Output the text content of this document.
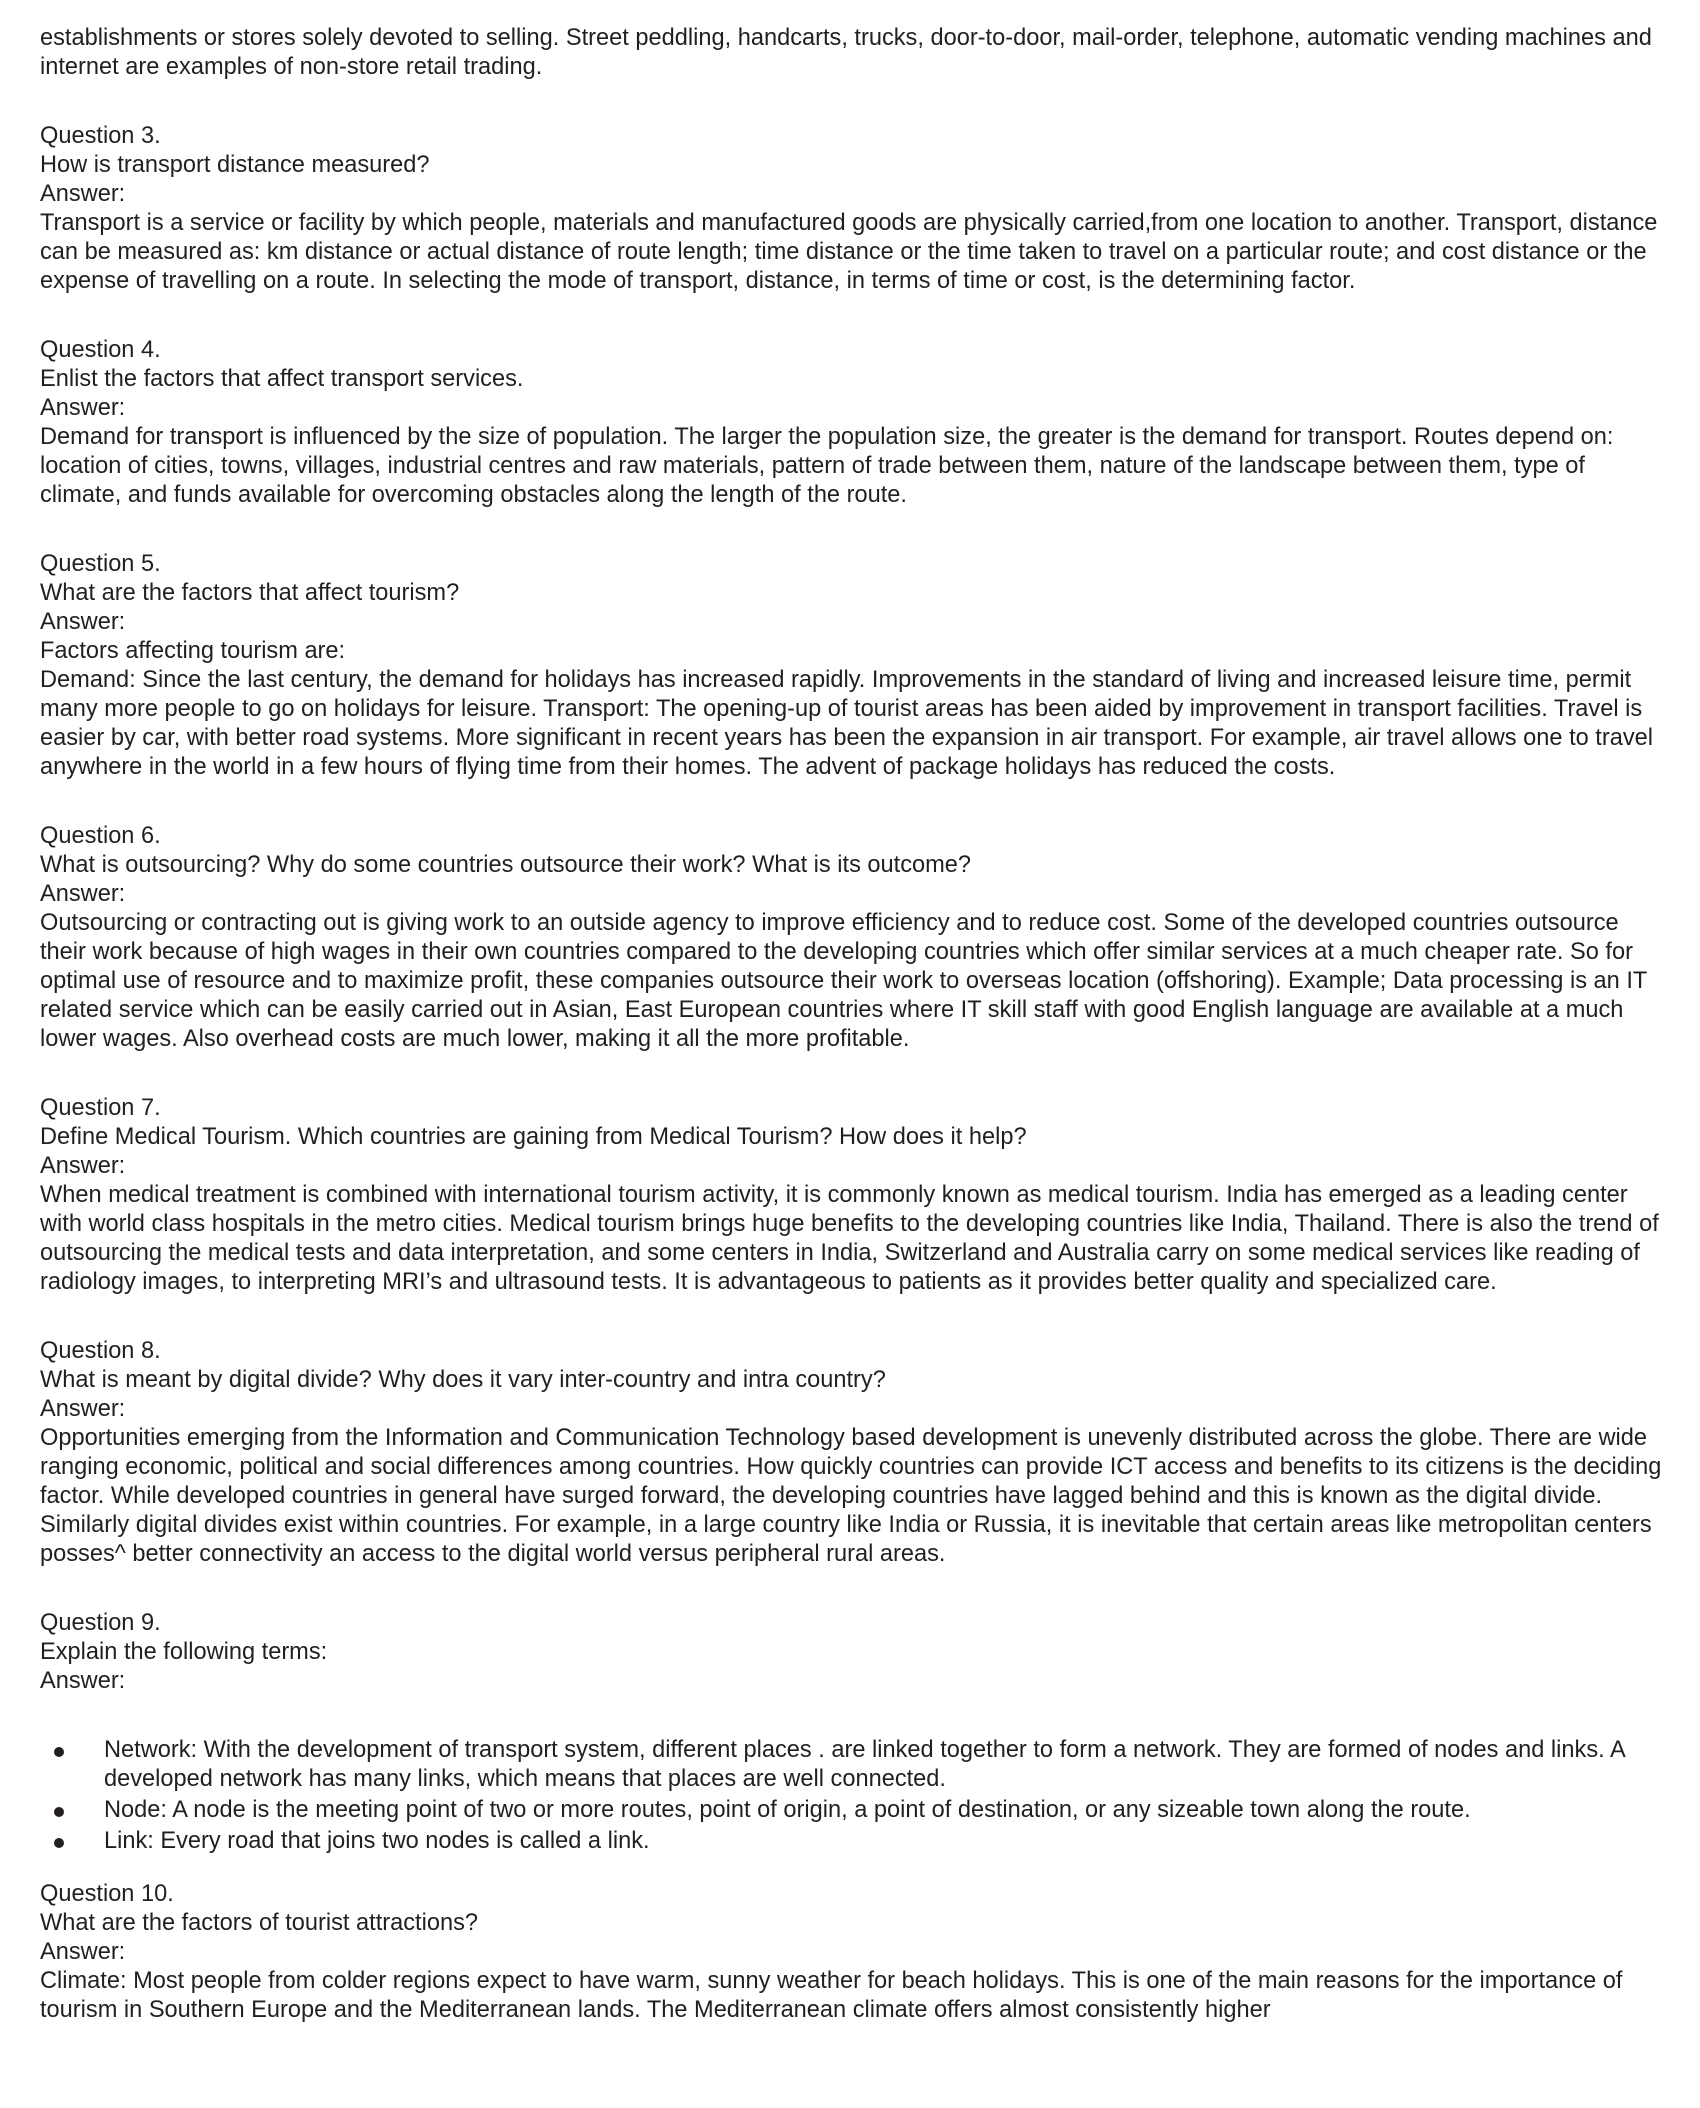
establishments or stores solely devoted to selling. Street peddling, handcarts, trucks, door-to-door, mail-order, telephone, automatic vending machines and internet are examples of non-store retail trading.

Question 3.
How is transport distance measured?
Answer:
Transport is a service or facility by which people, materials and manufactured goods are physically carried,from one location to another. Transport, distance can be measured as: km distance or actual distance of route length; time distance or the time taken to travel on a particular route; and cost distance or the expense of travelling on a route. In selecting the mode of transport, distance, in terms of time or cost, is the determining factor.
Question 4.
Enlist the factors that affect transport services.
Answer:
Demand for transport is influenced by the size of population. The larger the population size, the greater is the demand for transport. Routes depend on: location of cities, towns, villages, industrial centres and raw materials, pattern of trade between them, nature of the landscape between them, type of climate, and funds available for overcoming obstacles along the length of the route.
Question 5.
What are the factors that affect tourism?
Answer:
Factors affecting tourism are:
Demand: Since the last century, the demand for holidays has increased rapidly. Improvements in the standard of living and increased leisure time, permit many more people to go on holidays for leisure. Transport: The opening-up of tourist areas has been aided by improvement in transport facilities. Travel is easier by car, with better road systems. More significant in recent years has been the expansion in air transport. For example, air travel allows one to travel anywhere in the world in a few hours of flying time from their homes. The advent of package holidays has reduced the costs.
Question 6.
What is outsourcing? Why do some countries outsource their work? What is its outcome?
Answer:
Outsourcing or contracting out is giving work to an outside agency to improve efficiency and to reduce cost. Some of the developed countries outsource their work because of high wages in their own countries compared to the developing countries which offer similar services at a much cheaper rate. So for optimal use of resource and to maximize profit, these companies outsource their work to overseas location (offshoring). Example; Data processing is an IT related service which can be easily carried out in Asian, East European countries where IT skill staff with good English language are available at a much lower wages. Also overhead costs are much lower, making it all the more profitable.
Question 7.
Define Medical Tourism. Which countries are gaining from Medical Tourism? How does it help?
Answer:
When medical treatment is combined with international tourism activity, it is commonly known as medical tourism. India has emerged as a leading center with world class hospitals in the metro cities. Medical tourism brings huge benefits to the developing countries like India, Thailand. There is also the trend of outsourcing the medical tests and data interpretation, and some centers in India, Switzerland and Australia carry on some medical services like reading of radiology images, to interpreting MRI’s and ultrasound tests. It is advantageous to patients as it provides better quality and specialized care.
Question 8.
What is meant by digital divide? Why does it vary inter-country and intra country?
Answer:
Opportunities emerging from the Information and Communication Technology based development is unevenly distributed across the globe. There are wide ranging economic, political and social differences among countries. How quickly countries can provide ICT access and benefits to its citizens is the deciding factor. While developed countries in general have surged forward, the developing countries have lagged behind and this is known as the digital divide. Similarly digital divides exist within countries. For example, in a large country like India or Russia, it is inevitable that certain areas like metropolitan centers posses^ better connectivity an access to the digital world versus peripheral rural areas.
Question 9.
Explain the following terms:
Answer:
Network: With the development of transport system, different places . are linked together to form a network. They are formed of nodes and links. A developed network has many links, which means that places are well connected.
Node: A node is the meeting point of two or more routes, point of origin, a point of destination, or any sizeable town along the route.
Link: Every road that joins two nodes is called a link.
Question 10.
What are the factors of tourist attractions?
Answer:
Climate: Most people from colder regions expect to have warm, sunny weather for beach holidays. This is one of the main reasons for the importance of tourism in Southern Europe and the Mediterranean lands. The Mediterranean climate offers almost consistently higher
